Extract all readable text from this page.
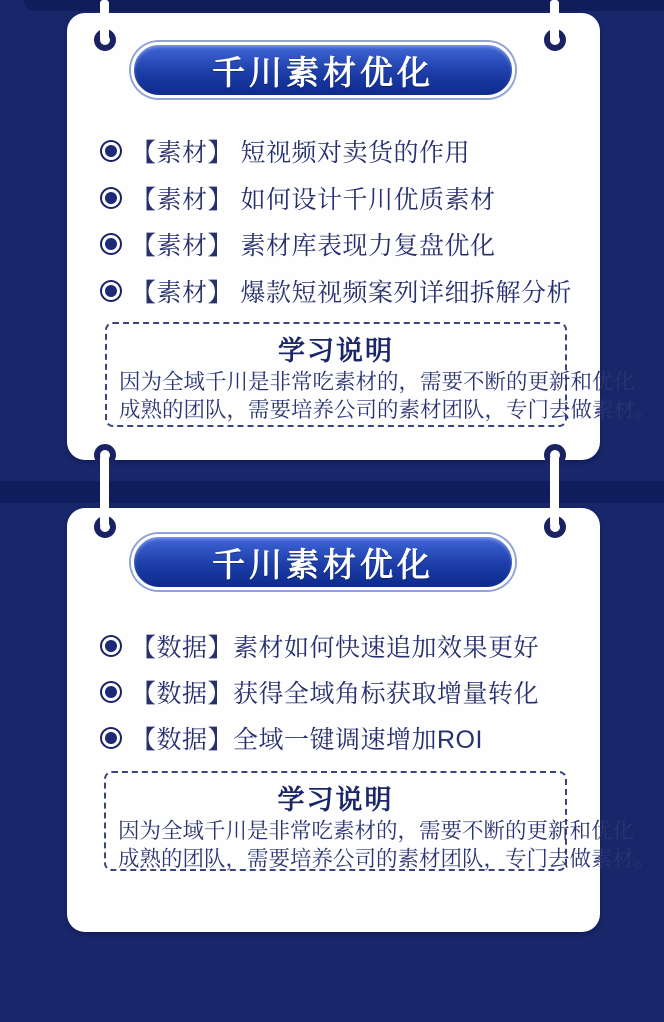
千川素材优化
【素材】 短视频对卖货的作用
【素材】 如何设计千川优质素材
【素材】 素材库表现力复盘优化
【素材】 爆款短视频案列详细拆解分析
学习说明
因为全域千川是非常吃素材的，需要不断的更新和优化
成熟的团队，需要培养公司的素材团队，专门去做素材。
千川素材优化
【数据】素材如何快速追加效果更好
【数据】获得全域角标获取增量转化
【数据】全域一键调速增加ROI
学习说明
因为全域千川是非常吃素材的，需要不断的更新和优化
成熟的团队，需要培养公司的素材团队，专门去做素材。
